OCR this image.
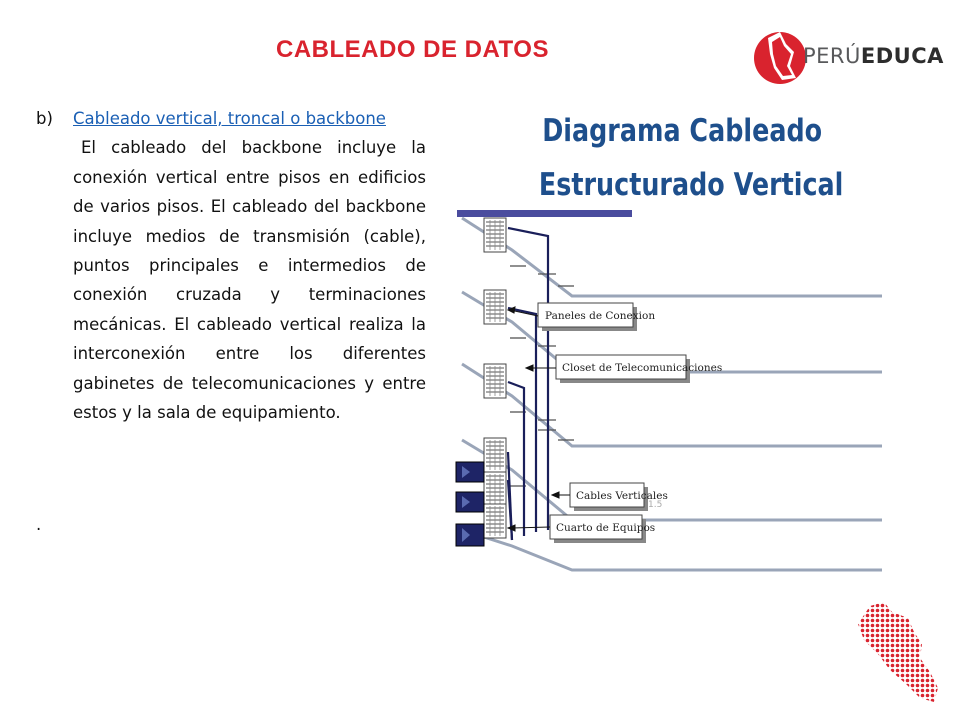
CABLEADO DE DATOS	PERÚEDUCA
b) Cableado vertical, troncal o backbone
El cableado del backbone incluye la conexión vertical entre pisos en edificios de varios pisos. El cableado del backbone incluye medios de transmisión (cable), puntos principales e intermedios de conexión cruzada y terminaciones mecánicas. El cableado vertical realiza la interconexión entre los diferentes gabinetes de telecomunicaciones y entre estos y la sala de equipamiento.
.
Diagrama Cableado
Estructurado Vertical
Paneles de Conexion
Closet de Telecomunicaciones
Cables Verticales
Cuarto de Equipos
1.5
